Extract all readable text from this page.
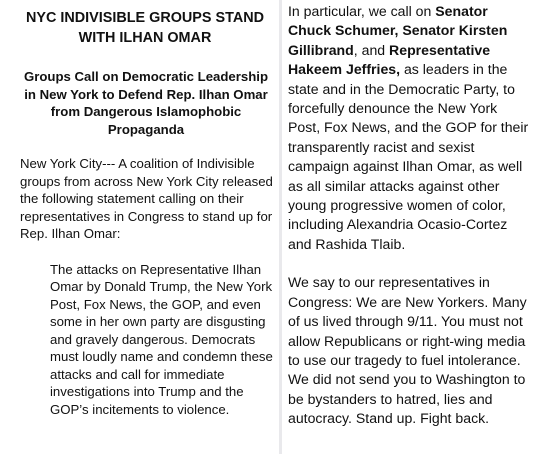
NYC INDIVISIBLE GROUPS STAND WITH ILHAN OMAR
Groups Call on Democratic Leadership in New York to Defend Rep. Ilhan Omar from Dangerous Islamophobic Propaganda

New York City--- A coalition of Indivisible groups from across New York City released the following statement calling on their representatives in Congress to stand up for Rep. Ilhan Omar:

The attacks on Representative Ilhan Omar by Donald Trump, the New York Post, Fox News, the GOP, and even some in her own party are disgusting and gravely dangerous. Democrats must loudly name and condemn these attacks and call for immediate investigations into Trump and the GOP’s incitements to violence.

In particular, we call on Senator Chuck Schumer, Senator Kirsten Gillibrand, and Representative Hakeem Jeffries, as leaders in the state and in the Democratic Party, to forcefully denounce the New York Post, Fox News, and the GOP for their transparently racist and sexist campaign against Ilhan Omar, as well as all similar attacks against other young progressive women of color, including Alexandria Ocasio-Cortez and Rashida Tlaib.

We say to our representatives in Congress: We are New Yorkers. Many of us lived through 9/11. You must not allow Republicans or right-wing media to use our tragedy to fuel intolerance. We did not send you to Washington to be bystanders to hatred, lies and autocracy. Stand up. Fight back.
